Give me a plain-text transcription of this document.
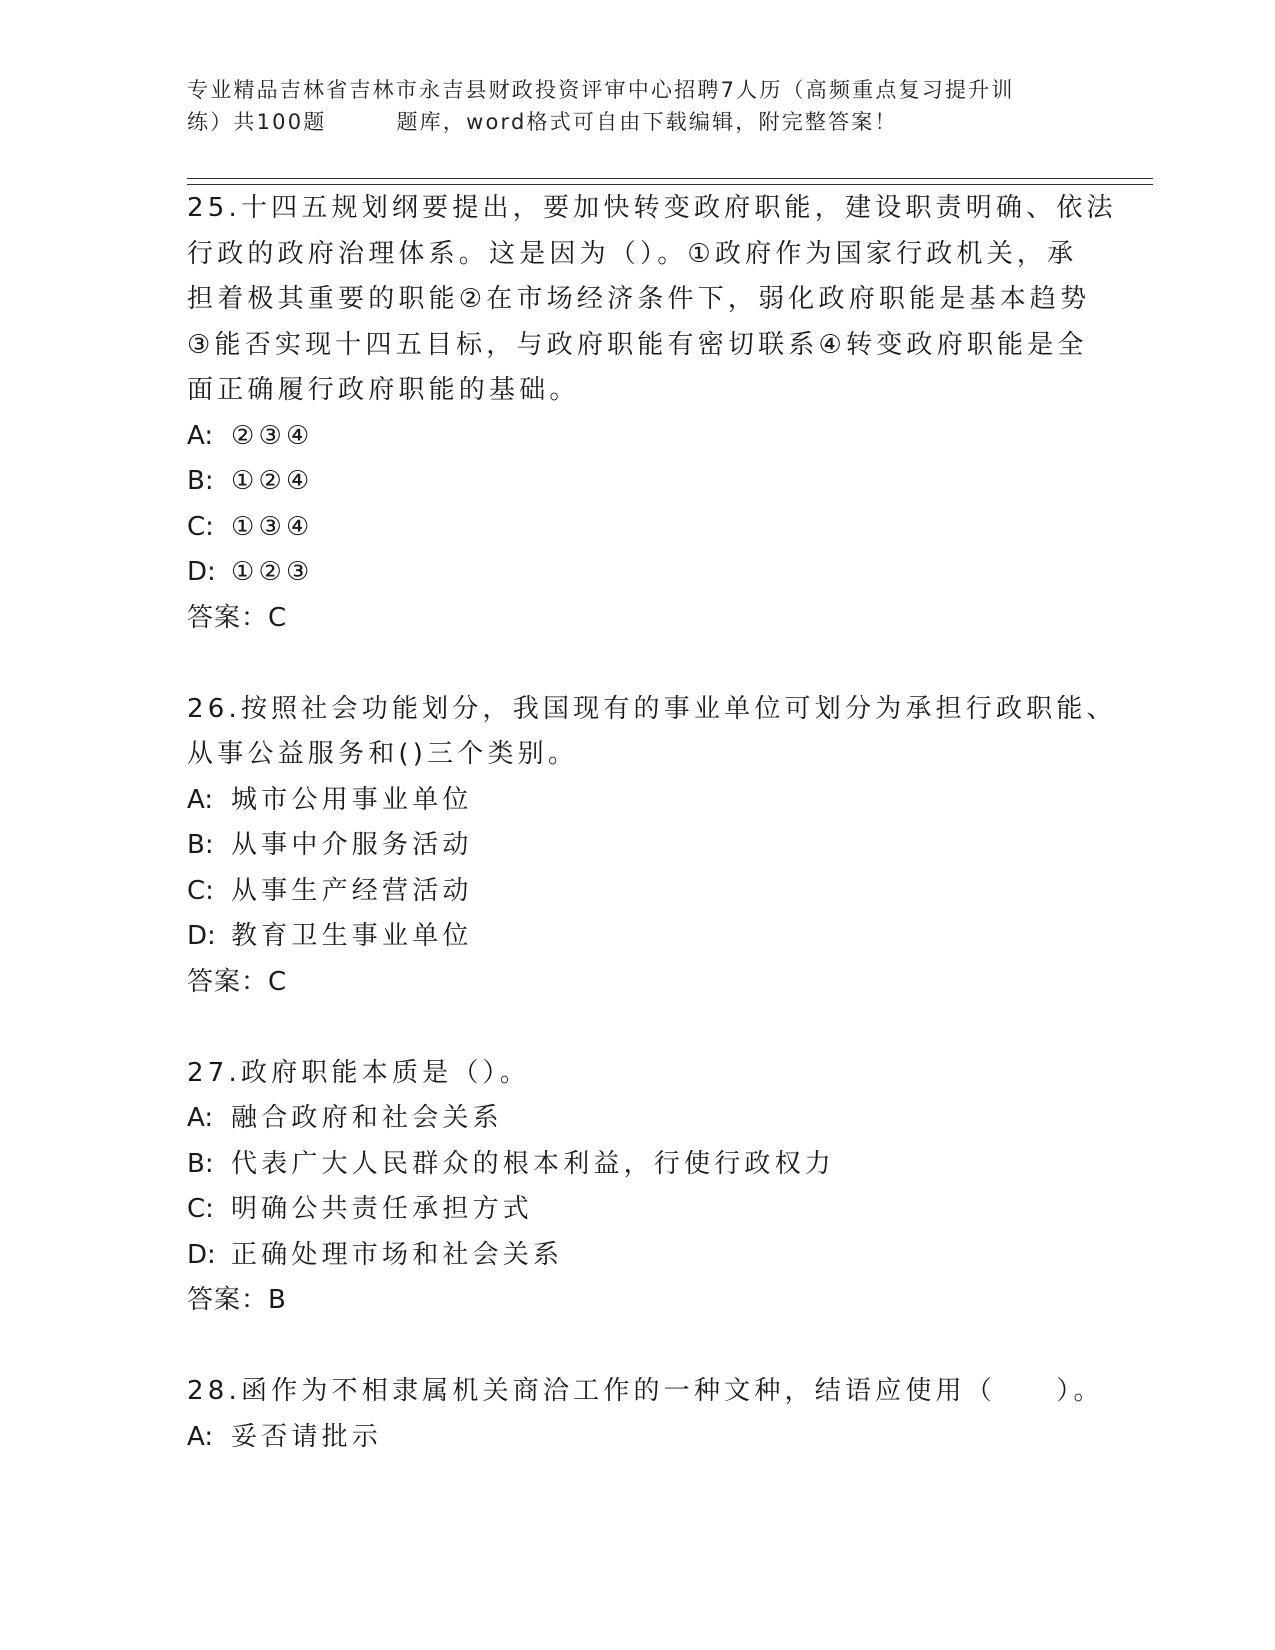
专业精品吉林省吉林市永吉县财政投资评审中心招聘7人历（高频重点复习提升训
练）共100题	题库，word格式可自由下载编辑，附完整答案！
25.十四五规划纲要提出，要加快转变政府职能，建设职责明确、依法
行政的政府治理体系。这是因为（）。①政府作为国家行政机关，承
担着极其重要的职能②在市场经济条件下，弱化政府职能是基本趋势
③能否实现十四五目标，与政府职能有密切联系④转变政府职能是全
面正确履行政府职能的基础。
A: ②③④
B: ①②④
C: ①③④
D: ①②③
答案：C
26.按照社会功能划分，我国现有的事业单位可划分为承担行政职能、
从事公益服务和()三个类别。
A: 城市公用事业单位
B: 从事中介服务活动
C: 从事生产经营活动
D: 教育卫生事业单位
答案：C
27.政府职能本质是（）。
A: 融合政府和社会关系
B: 代表广大人民群众的根本利益，行使行政权力
C: 明确公共责任承担方式
D: 正确处理市场和社会关系
答案：B
28.函作为不相隶属机关商洽工作的一种文种，结语应使用（　　）。
A: 妥否请批示
